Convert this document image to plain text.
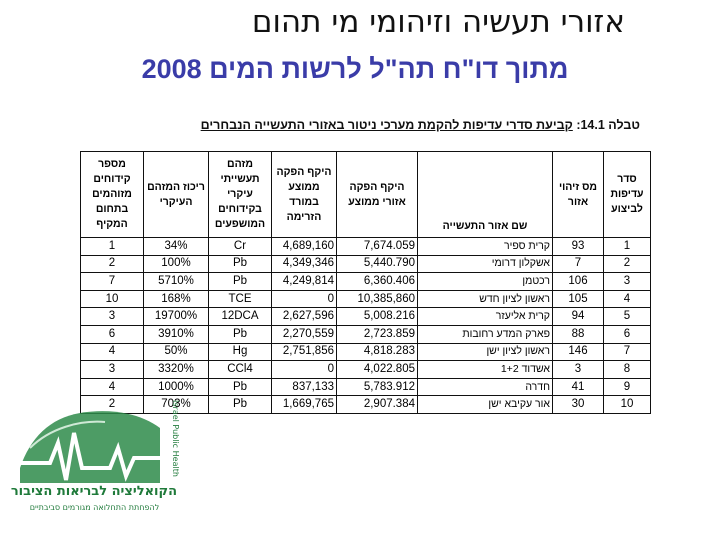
אזורי תעשיה וזיהומי מי תהום
מתוך דו"ח תה"ל לרשות המים 2008
טבלה 14.1: קביעת סדרי עדיפות להקמת מערכי ניטור באזורי התעשייה הנבחרים
סדר עדיפות לביצוע	מס זיהוי אזור	שם אזור התעשייה	היקף הפקה אזורי ממוצע	היקף הפקה ממוצע במורד הזרימה	מזהם תעשייתי עיקרי בקידוחים המושפעים	ריכוז המזהם העיקרי	מספר קידוחים מזוהמים בתחום המקיף
1	93	קרית ספיר	7,674.059	4,689,160	Cr	34%	1
2	7	אשקלון דרומי	5,440.790	4,349,346	Pb	100%	2
3	106	רכטמן	6,360.406	4,249,814	Pb	5710%	7
4	105	ראשון לציון חדש	10,385,860	0	TCE	168%	10
5	94	קרית אליעזר	5,008.216	2,627,596	12DCA	19700%	3
6	88	פארק המדע רחובות	2,723.859	2,270,559	Pb	3910%	6
7	146	ראשון לציון ישן	4,818.283	2,751,856	Hg	50%	4
8	3	אשדוד 1+2	4,022.805	0	CCl4	3320%	3
9	41	חדרה	5,783.912	837,133	Pb	1000%	4
10	30	אור עקיבא ישן	2,907.384	1,669,765	Pb	703%	2	Israel Public Health
הקואליציה לבריאות הציבור
להפחתת התחלואה מגורמים סביבתיים
